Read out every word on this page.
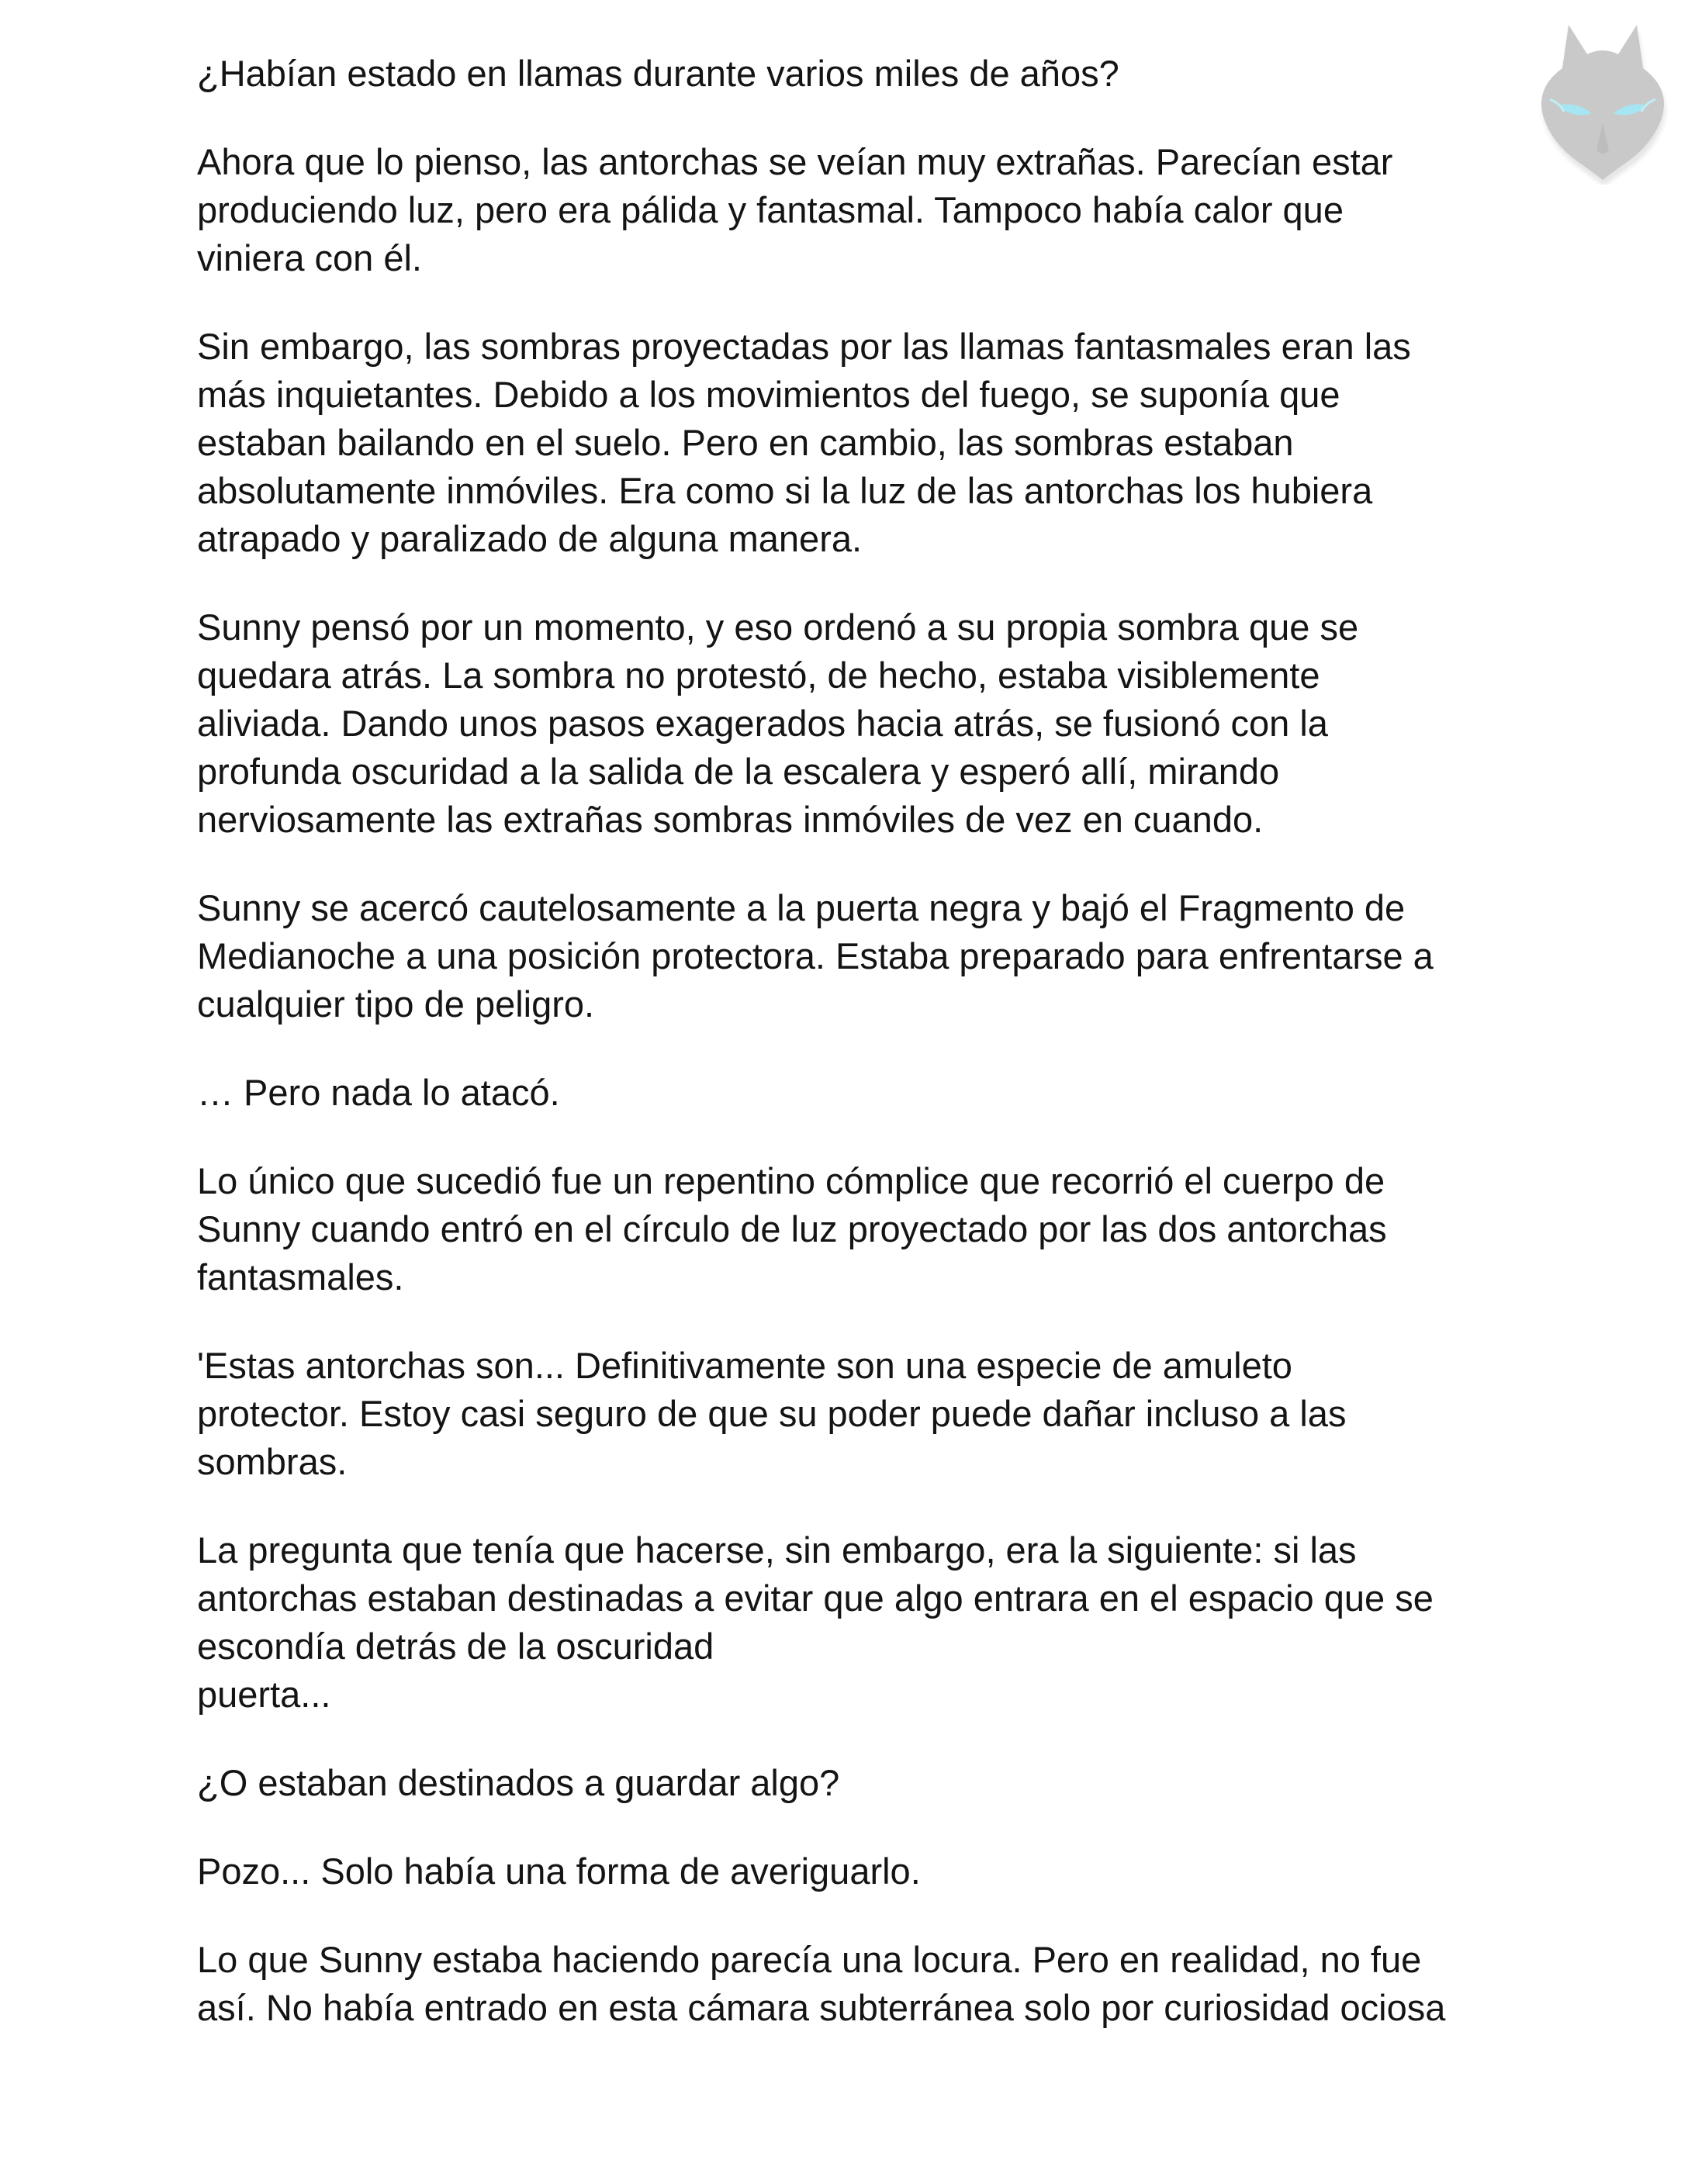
¿Habían estado en llamas durante varios miles de años?

Ahora que lo pienso, las antorchas se veían muy extrañas. Parecían estar
produciendo luz, pero era pálida y fantasmal. Tampoco había calor que
viniera con él.

Sin embargo, las sombras proyectadas por las llamas fantasmales eran las
más inquietantes. Debido a los movimientos del fuego, se suponía que
estaban bailando en el suelo. Pero en cambio, las sombras estaban
absolutamente inmóviles. Era como si la luz de las antorchas los hubiera
atrapado y paralizado de alguna manera.

Sunny pensó por un momento, y eso ordenó a su propia sombra que se
quedara atrás. La sombra no protestó, de hecho, estaba visiblemente
aliviada. Dando unos pasos exagerados hacia atrás, se fusionó con la
profunda oscuridad a la salida de la escalera y esperó allí, mirando
nerviosamente las extrañas sombras inmóviles de vez en cuando.

Sunny se acercó cautelosamente a la puerta negra y bajó el Fragmento de
Medianoche a una posición protectora. Estaba preparado para enfrentarse a
cualquier tipo de peligro.

… Pero nada lo atacó.

Lo único que sucedió fue un repentino cómplice que recorrió el cuerpo de
Sunny cuando entró en el círculo de luz proyectado por las dos antorchas
fantasmales.

'Estas antorchas son... Definitivamente son una especie de amuleto
protector. Estoy casi seguro de que su poder puede dañar incluso a las
sombras.

La pregunta que tenía que hacerse, sin embargo, era la siguiente: si las
antorchas estaban destinadas a evitar que algo entrara en el espacio que se
escondía detrás de la oscuridad
puerta...

¿O estaban destinados a guardar algo?

Pozo... Solo había una forma de averiguarlo.

Lo que Sunny estaba haciendo parecía una locura. Pero en realidad, no fue
así. No había entrado en esta cámara subterránea solo por curiosidad ociosa
